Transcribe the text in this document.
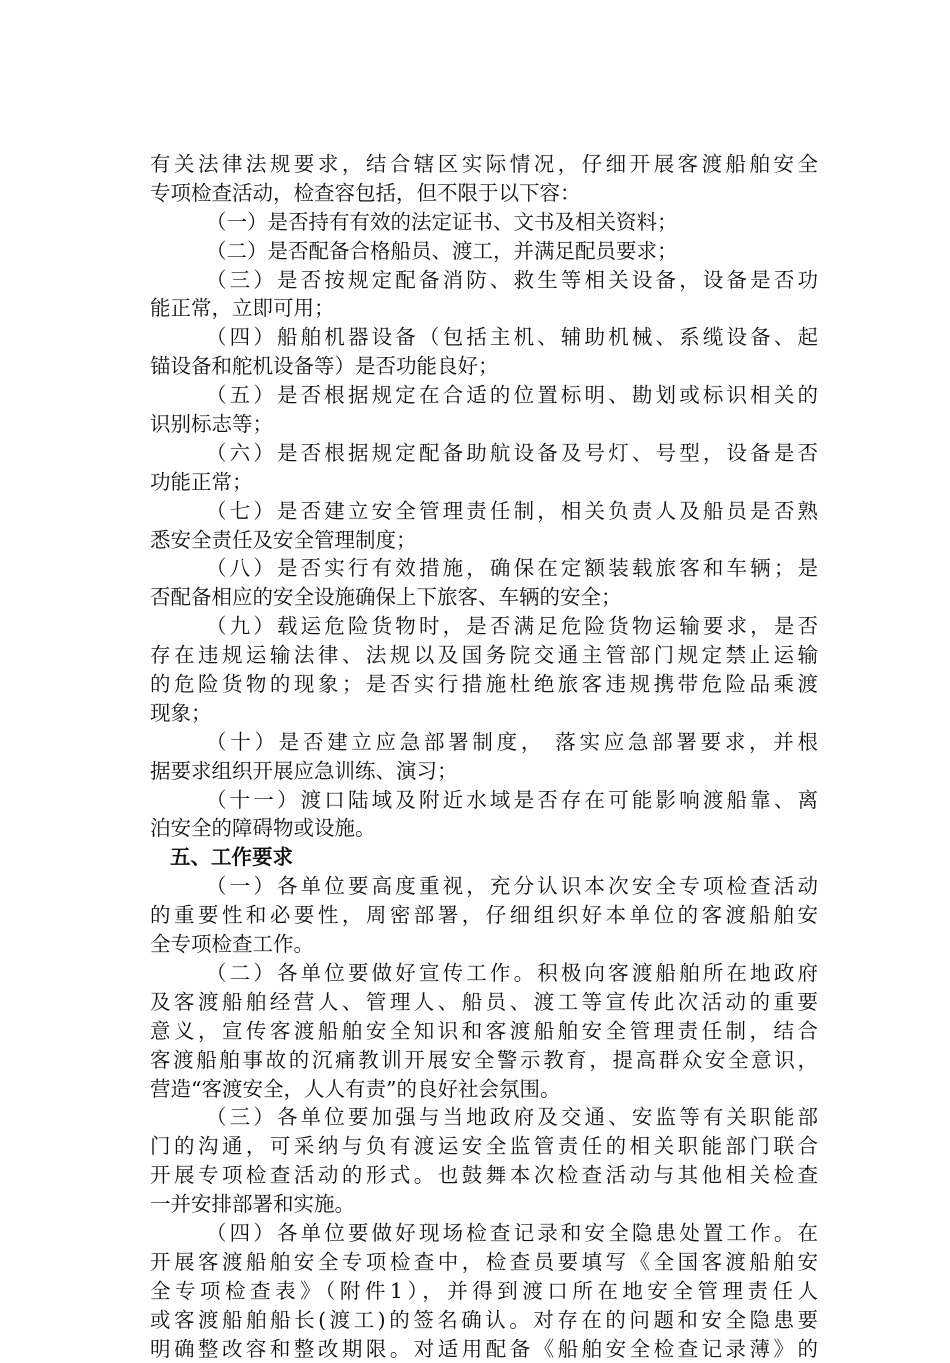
有关法律法规要求，结合辖区实际情况，仔细开展客渡船舶安全
专项检查活动，检查容包括，但不限于以下容：
（一）是否持有有效的法定证书、文书及相关资料；
（二）是否配备合格船员、渡工，并满足配员要求；
（三）是否按规定配备消防、救生等相关设备，设备是否功
能正常，立即可用；
（四）船舶机器设备（包括主机、辅助机械、系缆设备、起
锚设备和舵机设备等）是否功能良好；
（五）是否根据规定在合适的位置标明、勘划或标识相关的
识别标志等；
（六）是否根据规定配备助航设备及号灯、号型，设备是否
功能正常；
（七）是否建立安全管理责任制，相关负责人及船员是否熟
悉安全责任及安全管理制度；
（八）是否实行有效措施，确保在定额装载旅客和车辆；是
否配备相应的安全设施确保上下旅客、车辆的安全；
（九）载运危险货物时，是否满足危险货物运输要求，是否
存在违规运输法律、法规以及国务院交通主管部门规定禁止运输
的危险货物的现象；是否实行措施杜绝旅客违规携带危险品乘渡
现象；
（十）是否建立应急部署制度， 落实应急部署要求，并根
据要求组织开展应急训练、演习；
（十一）渡口陆域及附近水域是否存在可能影响渡船靠、离
泊安全的障碍物或设施。
五、工作要求
（一）各单位要高度重视，充分认识本次安全专项检查活动
的重要性和必要性，周密部署，仔细组织好本单位的客渡船舶安
全专项检查工作。
（二）各单位要做好宣传工作。积极向客渡船舶所在地政府
及客渡船舶经营人、管理人、船员、渡工等宣传此次活动的重要
意义，宣传客渡船舶安全知识和客渡船舶安全管理责任制，结合
客渡船舶事故的沉痛教训开展安全警示教育，提高群众安全意识，
营造“客渡安全，人人有责”的良好社会氛围。
（三）各单位要加强与当地政府及交通、安监等有关职能部
门的沟通，可采纳与负有渡运安全监管责任的相关职能部门联合
开展专项检查活动的形式。也鼓舞本次检查活动与其他相关检查
一并安排部署和实施。
（四）各单位要做好现场检查记录和安全隐患处置工作。在
开展客渡船舶安全专项检查中，检查员要填写《全国客渡船舶安
全专项检查表》（附件1），并得到渡口所在地安全管理责任人
或客渡船舶船长(渡工)的签名确认。对存在的问题和安全隐患要
明确整改容和整改期限。对适用配备《船舶安全检查记录薄》的
